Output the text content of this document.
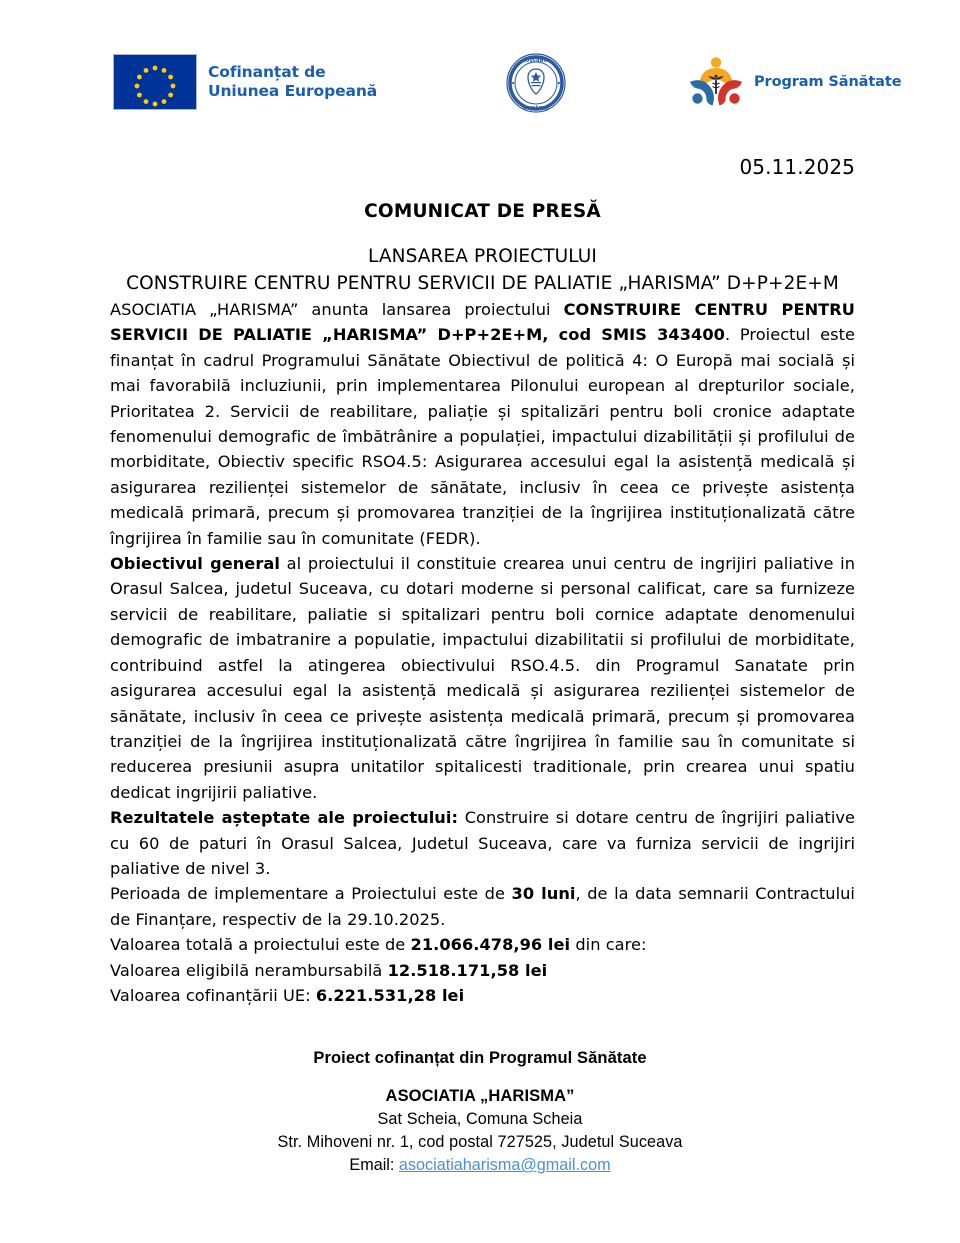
Cofinanțat de
Uniunea Europeană
GUVERNUL
ROMÂNIEI
Program Sănătate
05.11.2025
COMUNICAT DE PRESĂ
LANSAREA PROIECTULUI
CONSTRUIRE CENTRU PENTRU SERVICII DE PALIATIE „HARISMA” D+P+2E+M

ASOCIATIA „HARISMA” anunta lansarea proiectului CONSTRUIRE CENTRU PENTRU SERVICII DE PALIATIE „HARISMA” D+P+2E+M, cod SMIS 343400. Proiectul este finanțat în cadrul Programului Sănătate Obiectivul de politică 4: O Europă mai socială și mai favorabilă incluziunii, prin implementarea Pilonului european al drepturilor sociale, Prioritatea 2. Servicii de reabilitare, paliație și spitalizări pentru boli cronice adaptate fenomenului demografic de îmbătrânire a populației, impactului dizabilității și profilului de morbiditate, Obiectiv specific RSO4.5: Asigurarea accesului egal la asistență medicală și asigurarea rezilienței sistemelor de sănătate, inclusiv în ceea ce privește asistența medicală primară, precum și promovarea tranziției de la îngrijirea instituționalizată către îngrijirea în familie sau în comunitate (FEDR).

Obiectivul general al proiectului il constituie crearea unui centru de ingrijiri paliative in Orasul Salcea, judetul Suceava, cu dotari moderne si personal calificat, care sa furnizeze servicii de reabilitare, paliatie si spitalizari pentru boli cornice adaptate denomenului demografic de imbatranire a populatie, impactului dizabilitatii si profilului de morbiditate, contribuind astfel la atingerea obiectivului RSO.4.5. din Programul Sanatate prin asigurarea accesului egal la asistență medicală și asigurarea rezilienței sistemelor de sănătate, inclusiv în ceea ce privește asistența medicală primară, precum și promovarea tranziției de la îngrijirea instituționalizată către îngrijirea în familie sau în comunitate si reducerea presiunii asupra unitatilor spitalicesti traditionale, prin crearea unui spatiu dedicat ingrijirii paliative.

Rezultatele așteptate ale proiectului: Construire si dotare centru de îngrijiri paliative cu 60 de paturi în Orasul Salcea, Judetul Suceava, care va furniza servicii de ingrijiri paliative de nivel 3.

Perioada de implementare a Proiectului este de 30 luni, de la data semnarii Contractului de Finanțare, respectiv de la 29.10.2025.

Valoarea totală a proiectului este de 21.066.478,96 lei din care:

Valoarea eligibilă nerambursabilă 12.518.171,58 lei

Valoarea cofinanțării UE: 6.221.531,28 lei

Proiect cofinanțat din Programul Sănătate
ASOCIATIA „HARISMA”
Sat Scheia, Comuna Scheia
Str. Mihoveni nr. 1, cod postal 727525, Judetul Suceava
Email: asociatiaharisma@gmail.com
